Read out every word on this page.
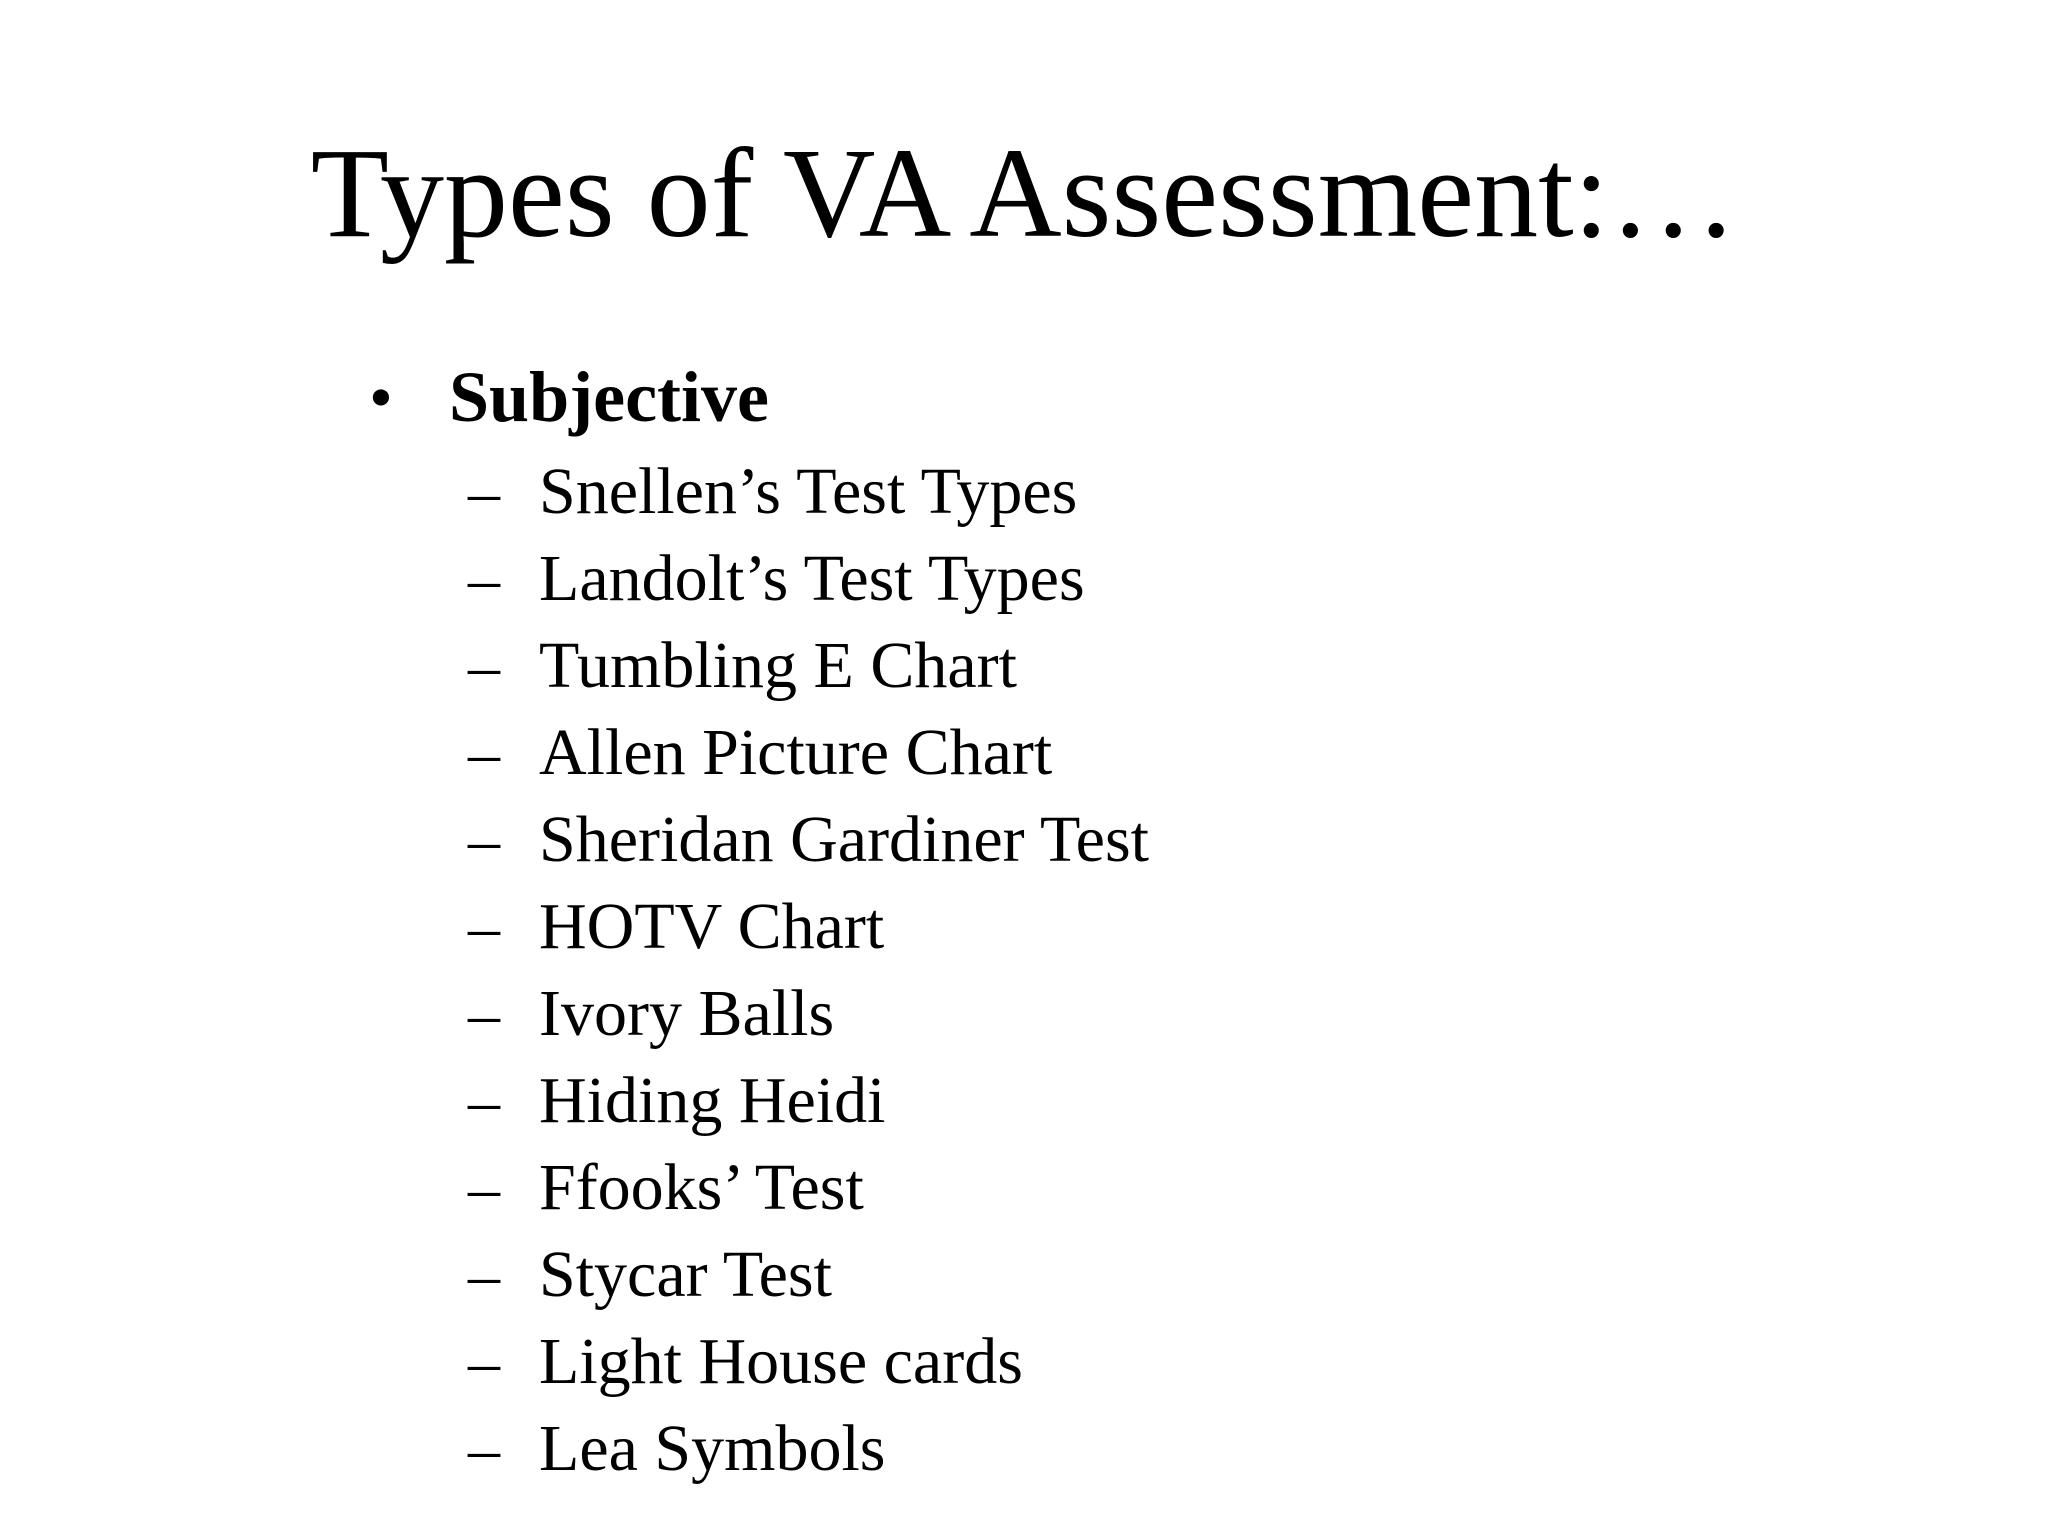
Types of VA Assessment:…
• Subjective
– Snellen’s Test Types
– Landolt’s Test Types
– Tumbling E Chart
– Allen Picture Chart
– Sheridan Gardiner Test
– HOTV Chart
– Ivory Balls
– Hiding Heidi
– Ffooks’ Test
– Stycar Test
– Light House cards
– Lea Symbols
